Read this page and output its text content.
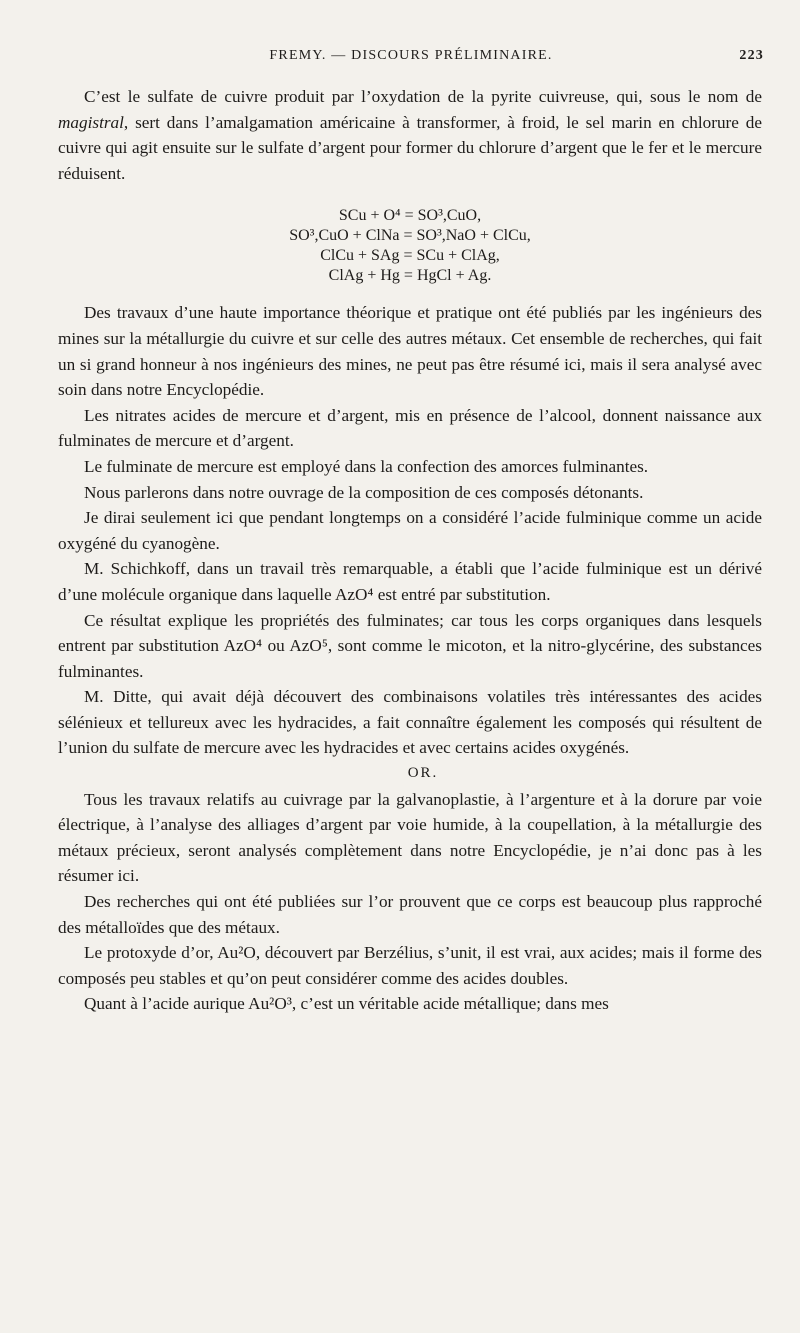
FREMY. — DISCOURS PRÉLIMINAIRE.	223

C’est le sulfate de cuivre produit par l’oxydation de la pyrite cuivreuse, qui, sous le nom de magistral, sert dans l’amalgamation américaine à transformer, à froid, le sel marin en chlorure de cuivre qui agit ensuite sur le sulfate d’argent pour former du chlorure d’argent que le fer et le mercure réduisent.

SCu + O⁴ = SO³,CuO,
SO³,CuO + ClNa = SO³,NaO + ClCu,
ClCu + SAg = SCu + ClAg,
ClAg + Hg = HgCl + Ag.

Des travaux d’une haute importance théorique et pratique ont été publiés par les ingénieurs des mines sur la métallurgie du cuivre et sur celle des autres métaux. Cet ensemble de recherches, qui fait un si grand honneur à nos ingénieurs des mines, ne peut pas être résumé ici, mais il sera analysé avec soin dans notre Encyclopédie.

Les nitrates acides de mercure et d’argent, mis en présence de l’alcool, donnent naissance aux fulminates de mercure et d’argent.

Le fulminate de mercure est employé dans la confection des amorces fulminantes.

Nous parlerons dans notre ouvrage de la composition de ces composés détonants.

Je dirai seulement ici que pendant longtemps on a considéré l’acide fulminique comme un acide oxygéné du cyanogène.

M. Schichkoff, dans un travail très remarquable, a établi que l’acide fulminique est un dérivé d’une molécule organique dans laquelle AzO⁴ est entré par substitution.

Ce résultat explique les propriétés des fulminates; car tous les corps organiques dans lesquels entrent par substitution AzO⁴ ou AzO⁵, sont comme le micoton, et la nitro-glycérine, des substances fulminantes.

M. Ditte, qui avait déjà découvert des combinaisons volatiles très intéressantes des acides sélénieux et tellureux avec les hydracides, a fait connaître également les composés qui résultent de l’union du sulfate de mercure avec les hydracides et avec certains acides oxygénés.

OR.

Tous les travaux relatifs au cuivrage par la galvanoplastie, à l’argenture et à la dorure par voie électrique, à l’analyse des alliages d’argent par voie humide, à la coupellation, à la métallurgie des métaux précieux, seront analysés complètement dans notre Encyclopédie, je n’ai donc pas à les résumer ici.

Des recherches qui ont été publiées sur l’or prouvent que ce corps est beaucoup plus rapproché des métalloïdes que des métaux.

Le protoxyde d’or, Au²O, découvert par Berzélius, s’unit, il est vrai, aux acides; mais il forme des composés peu stables et qu’on peut considérer comme des acides doubles.

Quant à l’acide aurique Au²O³, c’est un véritable acide métallique; dans mes
